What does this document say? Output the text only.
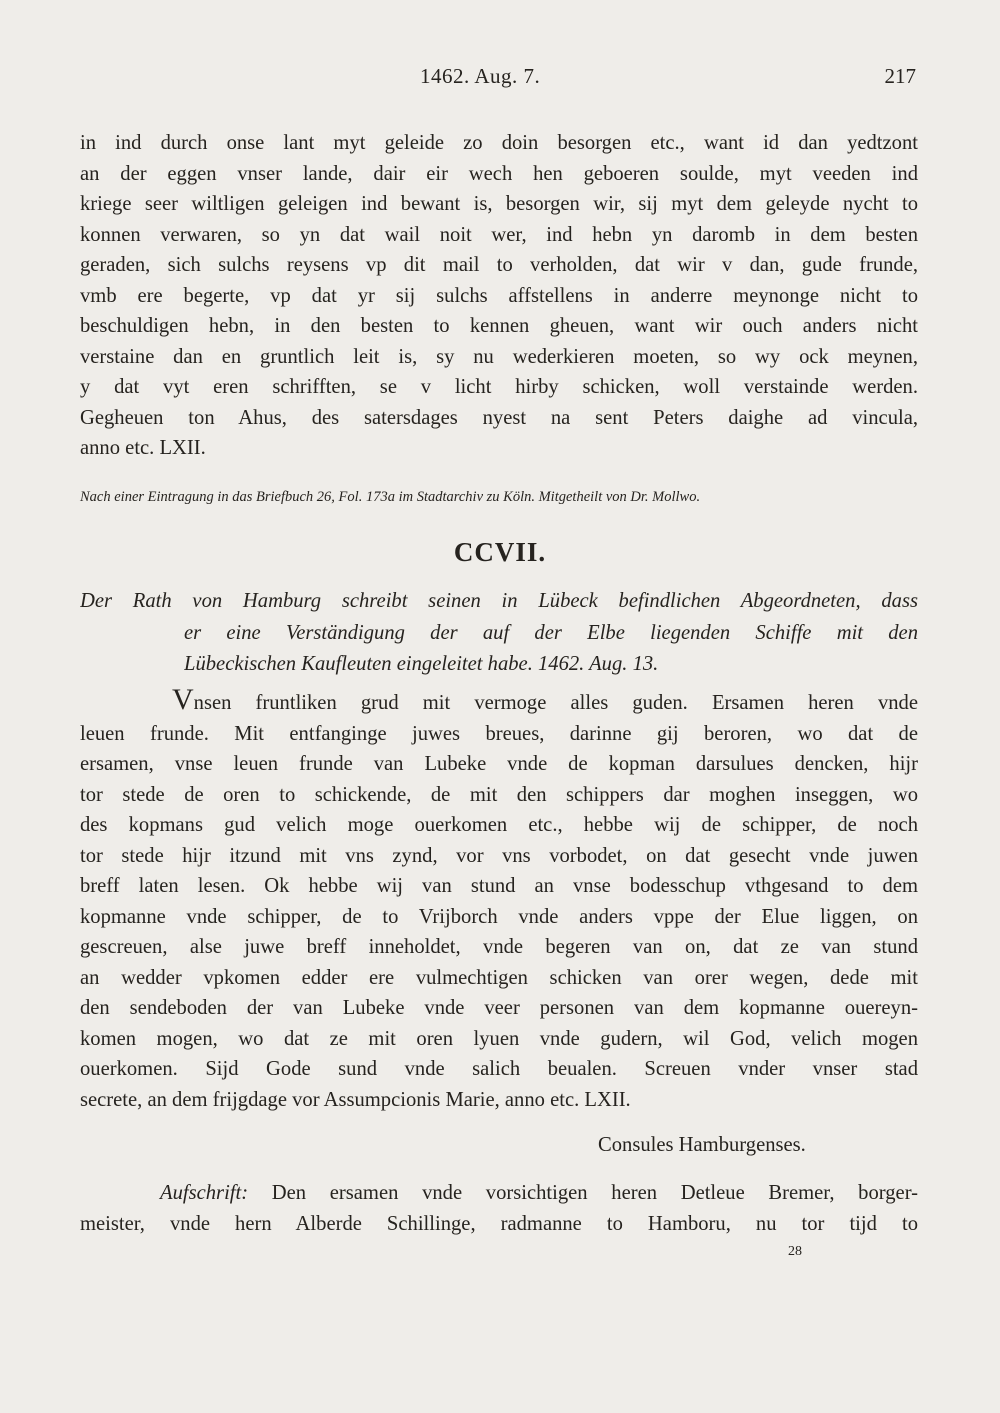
1462. Aug. 7.	217
in ind durch onse lant myt geleide zo doin besorgen etc., want id dan yedtzont
an der eggen vnser lande, dair eir wech hen geboeren soulde, myt veeden ind
kriege seer wiltligen geleigen ind bewant is, besorgen wir, sij myt dem geleyde nycht to
konnen verwaren, so yn dat wail noit wer, ind hebn yn daromb in dem besten
geraden, sich sulchs reysens vp dit mail to verholden, dat wir v dan, gude frunde,
vmb ere begerte, vp dat yr sij sulchs affstellens in anderre meynonge nicht to
beschuldigen hebn, in den besten to kennen gheuen, want wir ouch anders nicht
verstaine dan en gruntlich leit is, sy nu wederkieren moeten, so wy ock meynen,
y dat vyt eren schrifften, se v licht hirby schicken, woll verstainde werden.
Gegheuen ton Ahus, des satersdages nyest na sent Peters daighe ad vincula,
anno etc. LXII.
Nach einer Eintragung in das Briefbuch 26, Fol. 173a im Stadtarchiv zu Köln. Mitgetheilt von Dr. Mollwo.
CCVII.
Der Rath von Hamburg schreibt seinen in Lübeck befindlichen Abgeordneten, dass
er eine Verständigung der auf der Elbe liegenden Schiffe mit den
Lübeckischen Kaufleuten eingeleitet habe. 1462. Aug. 13.
Vnsen fruntliken grud mit vermoge alles guden. Ersamen heren vnde
leuen frunde. Mit entfanginge juwes breues, darinne gij beroren, wo dat de
ersamen, vnse leuen frunde van Lubeke vnde de kopman darsulues dencken, hijr
tor stede de oren to schickende, de mit den schippers dar moghen inseggen, wo
des kopmans gud velich moge ouerkomen etc., hebbe wij de schipper, de noch
tor stede hijr itzund mit vns zynd, vor vns vorbodet, on dat gesecht vnde juwen
breff laten lesen. Ok hebbe wij van stund an vnse bodesschup vthgesand to dem
kopmanne vnde schipper, de to Vrijborch vnde anders vppe der Elue liggen, on
gescreuen, alse juwe breff inneholdet, vnde begeren van on, dat ze van stund
an wedder vpkomen edder ere vulmechtigen schicken van orer wegen, dede mit
den sendeboden der van Lubeke vnde veer personen van dem kopmanne ouereyn-
komen mogen, wo dat ze mit oren lyuen vnde gudern, wil God, velich mogen
ouerkomen. Sijd Gode sund vnde salich beualen. Screuen vnder vnser stad
secrete, an dem frijgdage vor Assumpcionis Marie, anno etc. LXII.
Consules Hamburgenses.
Aufschrift: Den ersamen vnde vorsichtigen heren Detleue Bremer, borger-
meister, vnde hern Alberde Schillinge, radmanne to Hamboru, nu tor tijd to
28
